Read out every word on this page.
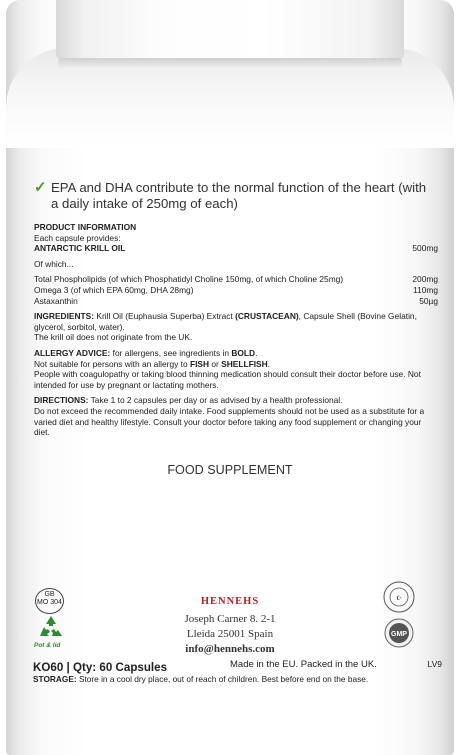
✓ EPA and DHA contribute to the normal function of the heart (with a daily intake of 250mg of each)
PRODUCT INFORMATION
Each capsule provides:
ANTARCTIC KRILL OIL	500mg
Of which...
Total Phospholipids (of which Phosphatidyl Choline 150mg, of which Choline 25mg)	200mg
Omega 3 (of which EPA 60mg, DHA 28mg)	110mg
Astaxanthin	50µg

INGREDIENTS: Krill Oil (Euphausia Superba) Extract (CRUSTACEAN), Capsule Shell (Bovine Gelatin, glycerol, sorbitol, water).

The krill oil does not originate from the UK.

ALLERGY ADVICE: for allergens, see ingredients in BOLD.

Not suitable for persons with an allergy to FISH or SHELLFISH.

People with coagulopathy or taking blood thinning medication should consult their doctor before use. Not intended for use by pregnant or lactating mothers.

DIRECTIONS: Take 1 to 2 capsules per day or as advised by a health professional.

Do not exceed the recommended daily intake. Food supplements should not be used as a substitute for a varied diet and healthy lifestyle. Consult your doctor before taking any food supplement or changing your diet.

FOOD SUPPLEMENT
GB
MO 304
Pot & lid
HENNEHS
Joseph Carner 8. 2-1
Lleida 25001 Spain
info@hennehs.com
☪
GMP
KO60 | Qty: 60 Capsules	Made in the EU. Packed in the UK.	LV9
STORAGE: Store in a cool dry place, out of reach of children. Best before end on the base.
